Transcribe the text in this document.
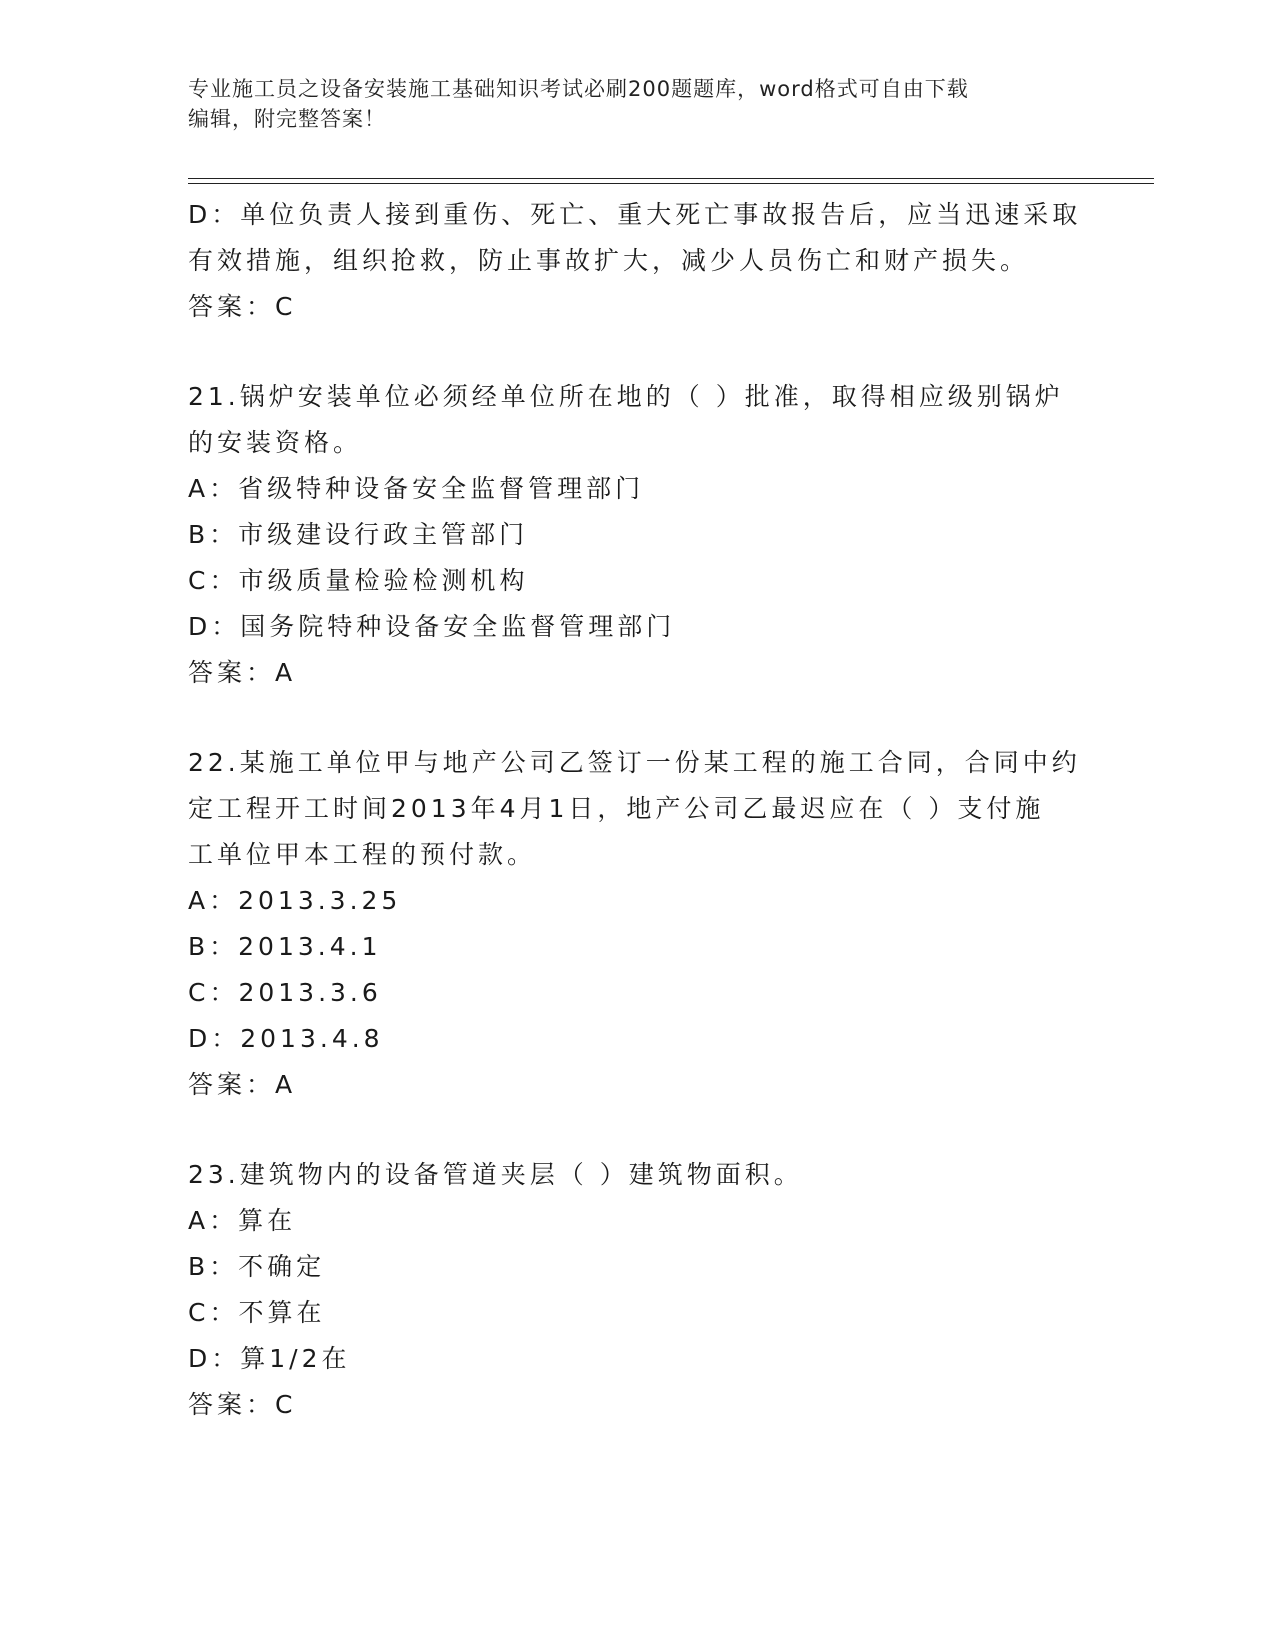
专业施工员之设备安装施工基础知识考试必刷200题题库，word格式可自由下载
编辑，附完整答案！
D：单位负责人接到重伤、死亡、重大死亡事故报告后，应当迅速采取
有效措施，组织抢救，防止事故扩大，减少人员伤亡和财产损失。
答案：C
21.锅炉安装单位必须经单位所在地的（ ）批准，取得相应级别锅炉
的安装资格。
A：省级特种设备安全监督管理部门
B：市级建设行政主管部门
C：市级质量检验检测机构
D：国务院特种设备安全监督管理部门
答案：A
22.某施工单位甲与地产公司乙签订一份某工程的施工合同，合同中约
定工程开工时间2013年4月1日，地产公司乙最迟应在（ ）支付施
工单位甲本工程的预付款。
A：2013.3.25
B：2013.4.1
C：2013.3.6
D：2013.4.8
答案：A
23.建筑物内的设备管道夹层（ ）建筑物面积。
A：算在
B：不确定
C：不算在
D：算1/2在
答案：C
